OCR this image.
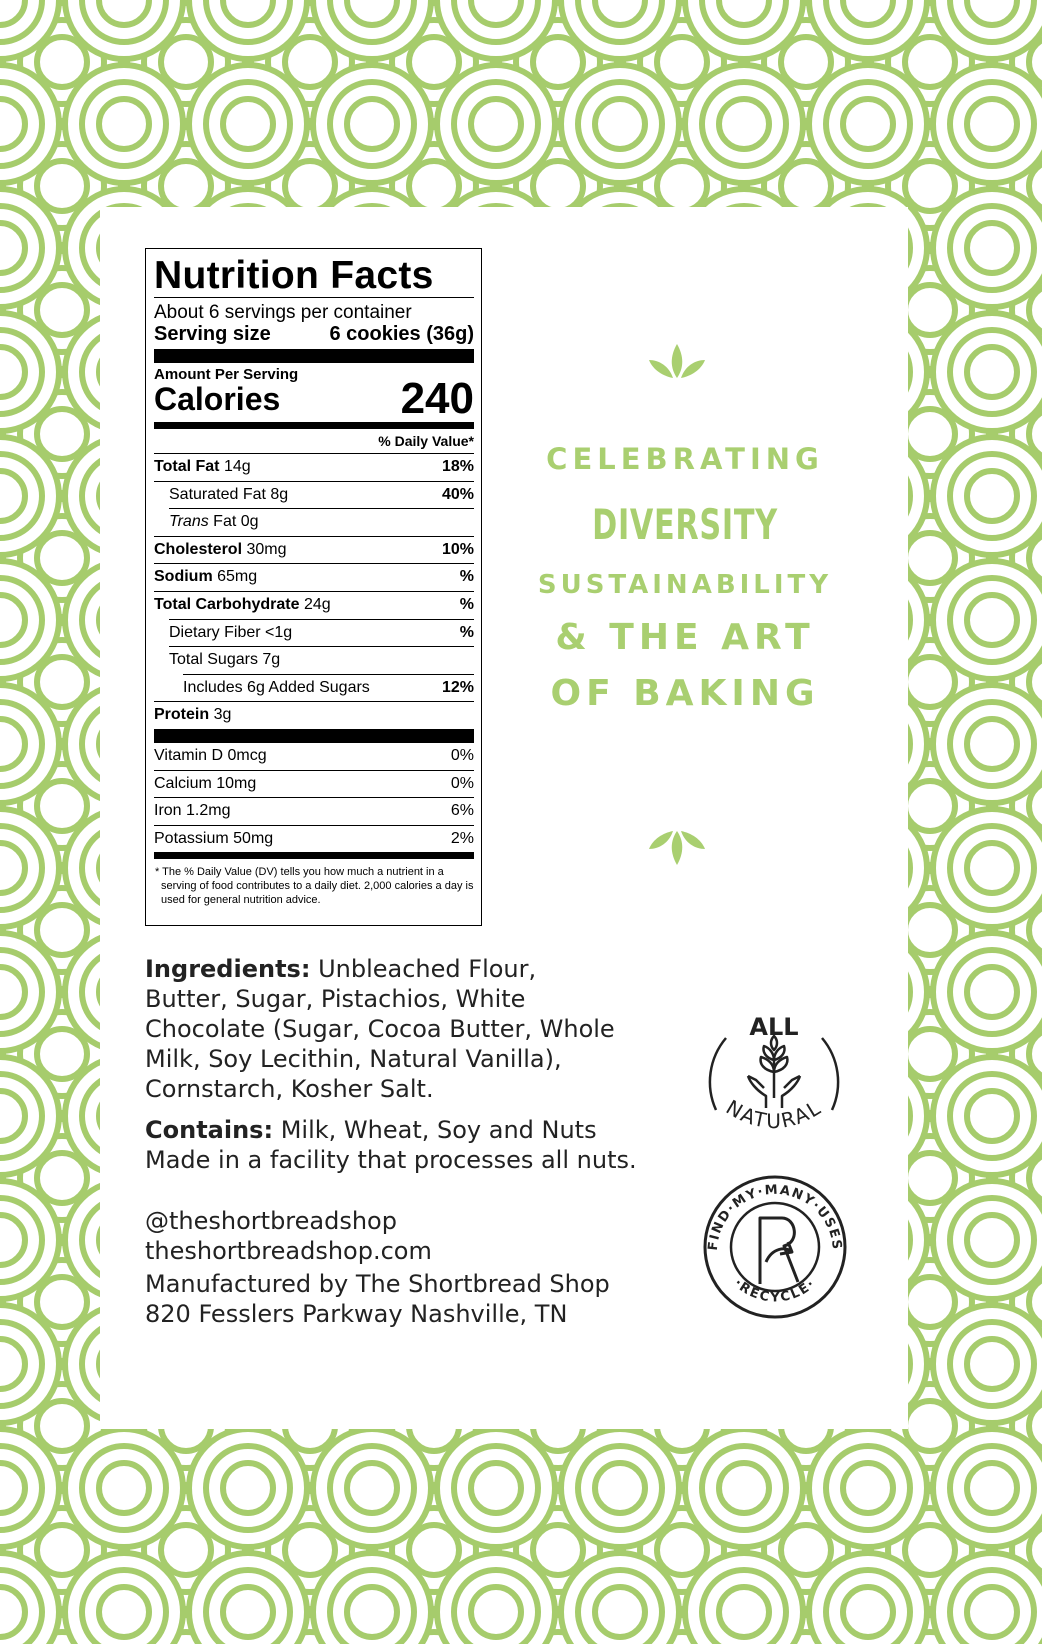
Nutrition Facts
About 6 servings per container
Serving size	6 cookies (36g)
Amount Per Serving
Calories	240
% Daily Value*
Total Fat 14g	18%
Saturated Fat 8g	40%
Trans Fat 0g
Cholesterol 30mg	10%
Sodium 65mg	%
Total Carbohydrate 24g	%
Dietary Fiber <1g	%
Total Sugars 7g
Includes 6g Added Sugars	12%
Protein 3g
Vitamin D 0mcg	0%
Calcium 10mg	0%
Iron 1.2mg	6%
Potassium 50mg	2%
* The % Daily Value (DV) tells you how much a nutrient in a serving of food contributes to a daily diet. 2,000 calories a day is used for general nutrition advice.
Ingredients: Unbleached Flour, Butter, Sugar, Pistachios, White Chocolate (Sugar, Cocoa Butter, Whole Milk, Soy Lecithin, Natural Vanilla), Cornstarch, Kosher Salt.
Contains: Milk, Wheat, Soy and Nuts
Made in a facility that processes all nuts.
@theshortbreadshop
theshortbreadshop.com
Manufactured by The Shortbread Shop
820 Fesslers Parkway Nashville, TN
CELEBRATING
DIVERSITY
SUSTAINABILITY
& THE ART
OF BAKING
ALL
NATURAL
FIND·MY·MANY·USES
·RECYCLE·
